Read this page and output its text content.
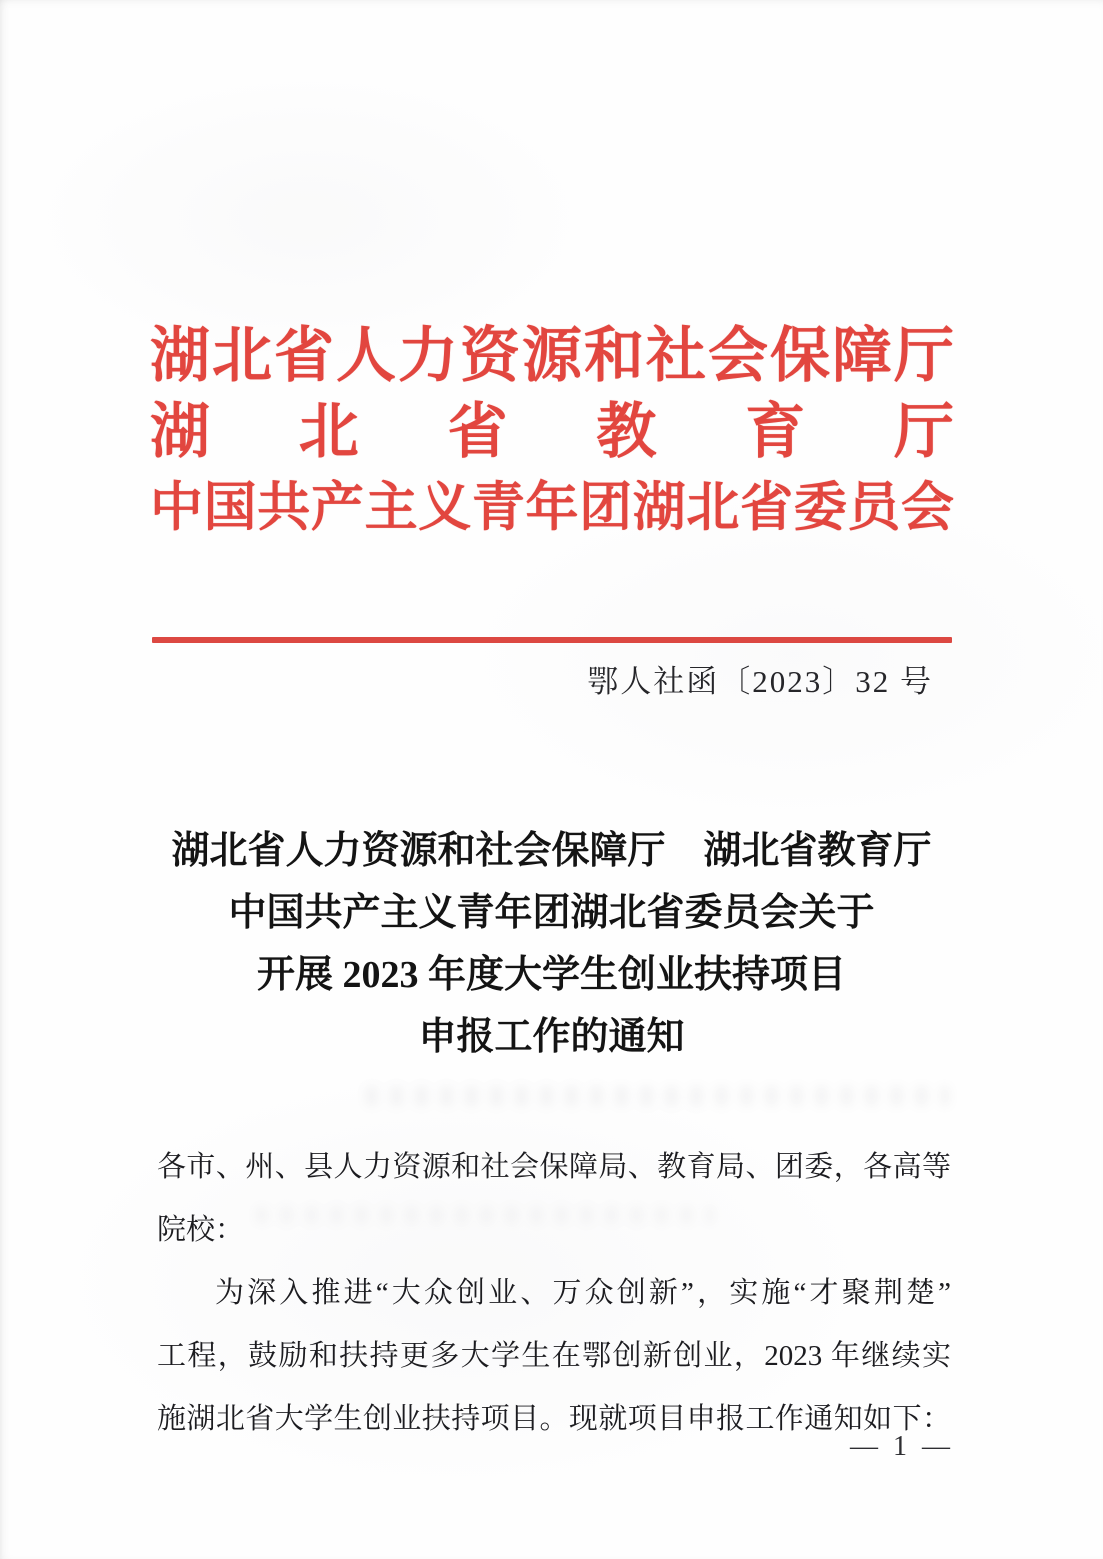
湖北省人力资源和社会保障厅
湖北省教育厅
中国共产主义青年团湖北省委员会
鄂人社函〔2023〕32 号
湖北省人力资源和社会保障厅　湖北省教育厅
中国共产主义青年团湖北省委员会关于
开展 2023 年度大学生创业扶持项目
申报工作的通知
各市、州、县人力资源和社会保障局、教育局、团委，各高等
院校：
为深入推进“大众创业、万众创新”，实施“才聚荆楚”
工程，鼓励和扶持更多大学生在鄂创新创业，2023 年继续实
施湖北省大学生创业扶持项目。现就项目申报工作通知如下：
— 1 —
